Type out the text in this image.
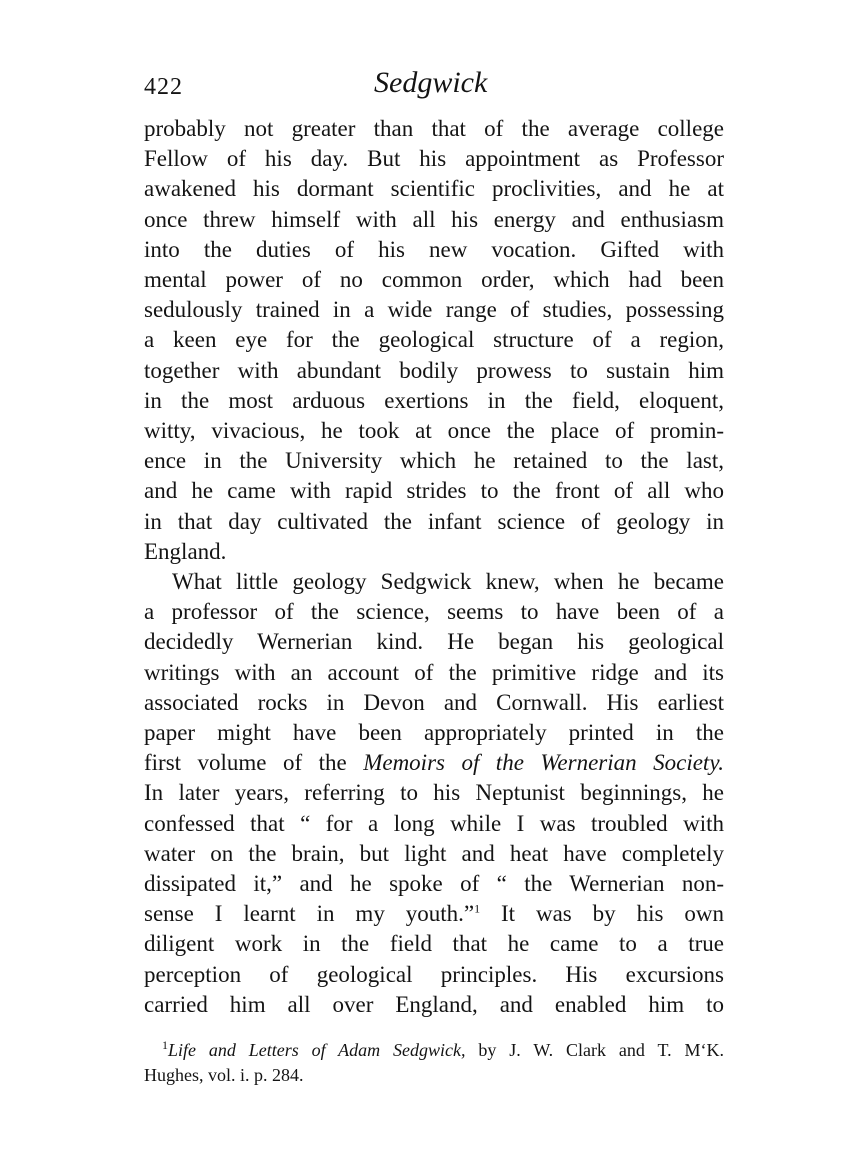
422	Sedgwick
probably not greater than that of the average college
Fellow of his day. But his appointment as Professor
awakened his dormant scientific proclivities, and he at
once threw himself with all his energy and enthusiasm
into the duties of his new vocation. Gifted with
mental power of no common order, which had been
sedulously trained in a wide range of studies, possessing
a keen eye for the geological structure of a region,
together with abundant bodily prowess to sustain him
in the most arduous exertions in the field, eloquent,
witty, vivacious, he took at once the place of promin-
ence in the University which he retained to the last,
and he came with rapid strides to the front of all who
in that day cultivated the infant science of geology in
England.
What little geology Sedgwick knew, when he became
a professor of the science, seems to have been of a
decidedly Wernerian kind. He began his geological
writings with an account of the primitive ridge and its
associated rocks in Devon and Cornwall. His earliest
paper might have been appropriately printed in the
first volume of the Memoirs of the Wernerian Society.
In later years, referring to his Neptunist beginnings, he
confessed that “ for a long while I was troubled with
water on the brain, but light and heat have completely
dissipated it,” and he spoke of “ the Wernerian non-
sense I learnt in my youth.”$^1$ It was by his own
diligent work in the field that he came to a true
perception of geological principles. His excursions
carried him all over England, and enabled him to
$^1$Life and Letters of Adam Sedgwick, by J. W. Clark and T. M‘K.
Hughes, vol. i. p. 284.
